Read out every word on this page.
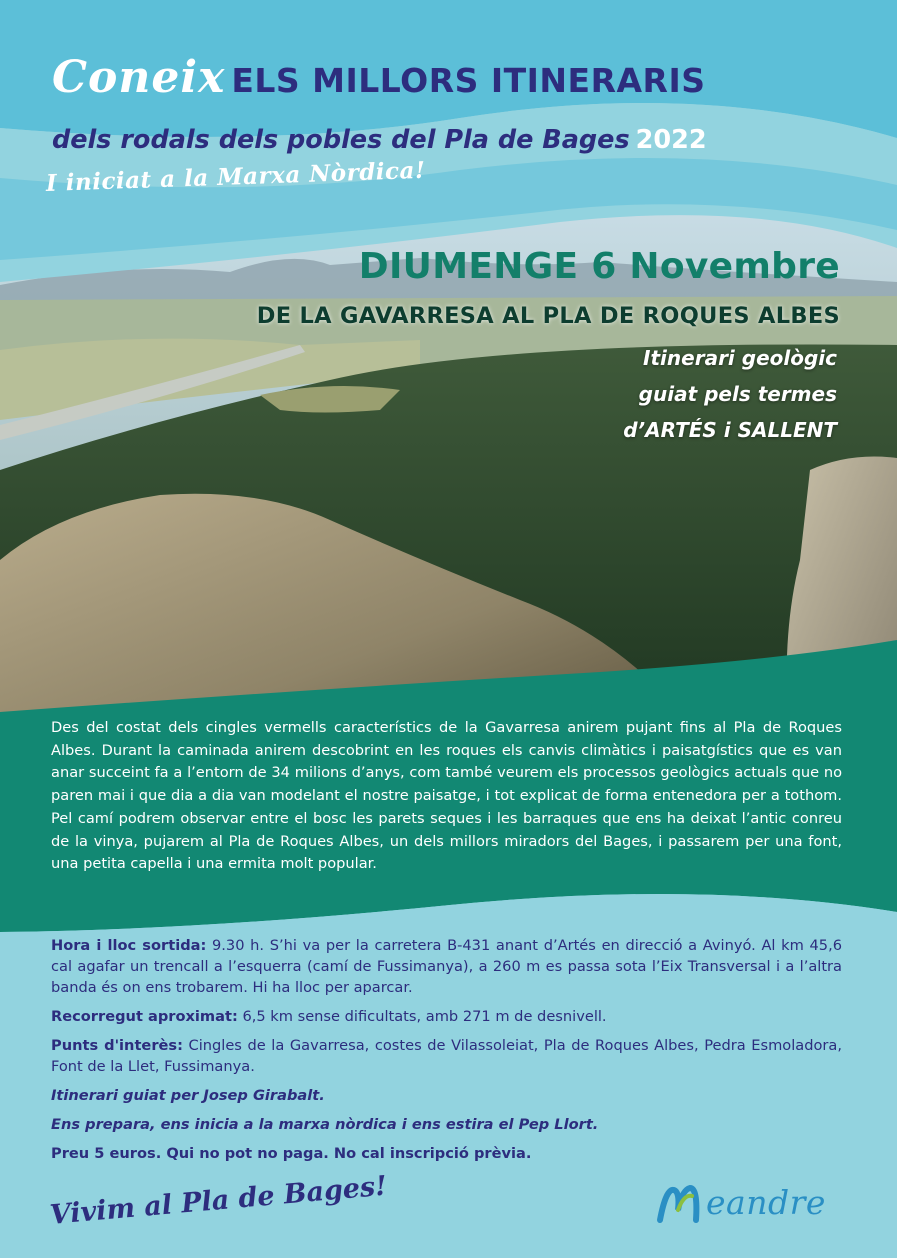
Coneix ELS MILLORS ITINERARIS
dels rodals dels pobles del Pla de Bages 2022
I iniciat a la Marxa Nòrdica!
DIUMENGE 6 Novembre
DE LA GAVARRESA AL PLA DE ROQUES ALBES
Itinerari geològic
guiat pels termes
d’ARTÉS i SALLENT

Des del costat dels cingles vermells característics de la Gavarresa anirem pujant fins al Pla de Roques Albes. Durant la caminada anirem descobrint en les roques els canvis climàtics i paisatgístics que es van anar succeint fa a l’entorn de 34 milions d’anys, com també veurem els processos geològics actuals que no paren mai i que dia a dia van modelant el nostre paisatge, i tot explicat de forma entenedora per a tothom. Pel camí podrem observar entre el bosc les parets seques i les barraques que ens ha deixat l’antic conreu de la vinya, pujarem al Pla de Roques Albes, un dels millors miradors del Bages, i passarem per una font, una petita capella i una ermita molt popular.

Hora i lloc sortida: 9.30 h. S’hi va per la carretera B-431 anant d’Artés en direcció a Avinyó. Al km 45,6 cal agafar un trencall a l’esquerra (camí de Fussimanya), a 260 m es passa sota l’Eix Transversal i a l’altra banda és on ens trobarem. Hi ha lloc per aparcar.

Recorregut aproximat: 6,5 km sense dificultats, amb 271 m de desnivell.

Punts d'interès: Cingles de la Gavarresa, costes de Vilassoleiat, Pla de Roques Albes, Pedra Esmoladora, Font de la Llet, Fussimanya.

Itinerari guiat per Josep Girabalt.

Ens prepara, ens inicia a la marxa nòrdica i ens estira el Pep Llort.

Preu 5 euros. Qui no pot no paga. No cal inscripció prèvia.

Vivim al Pla de Bages!	eandre
